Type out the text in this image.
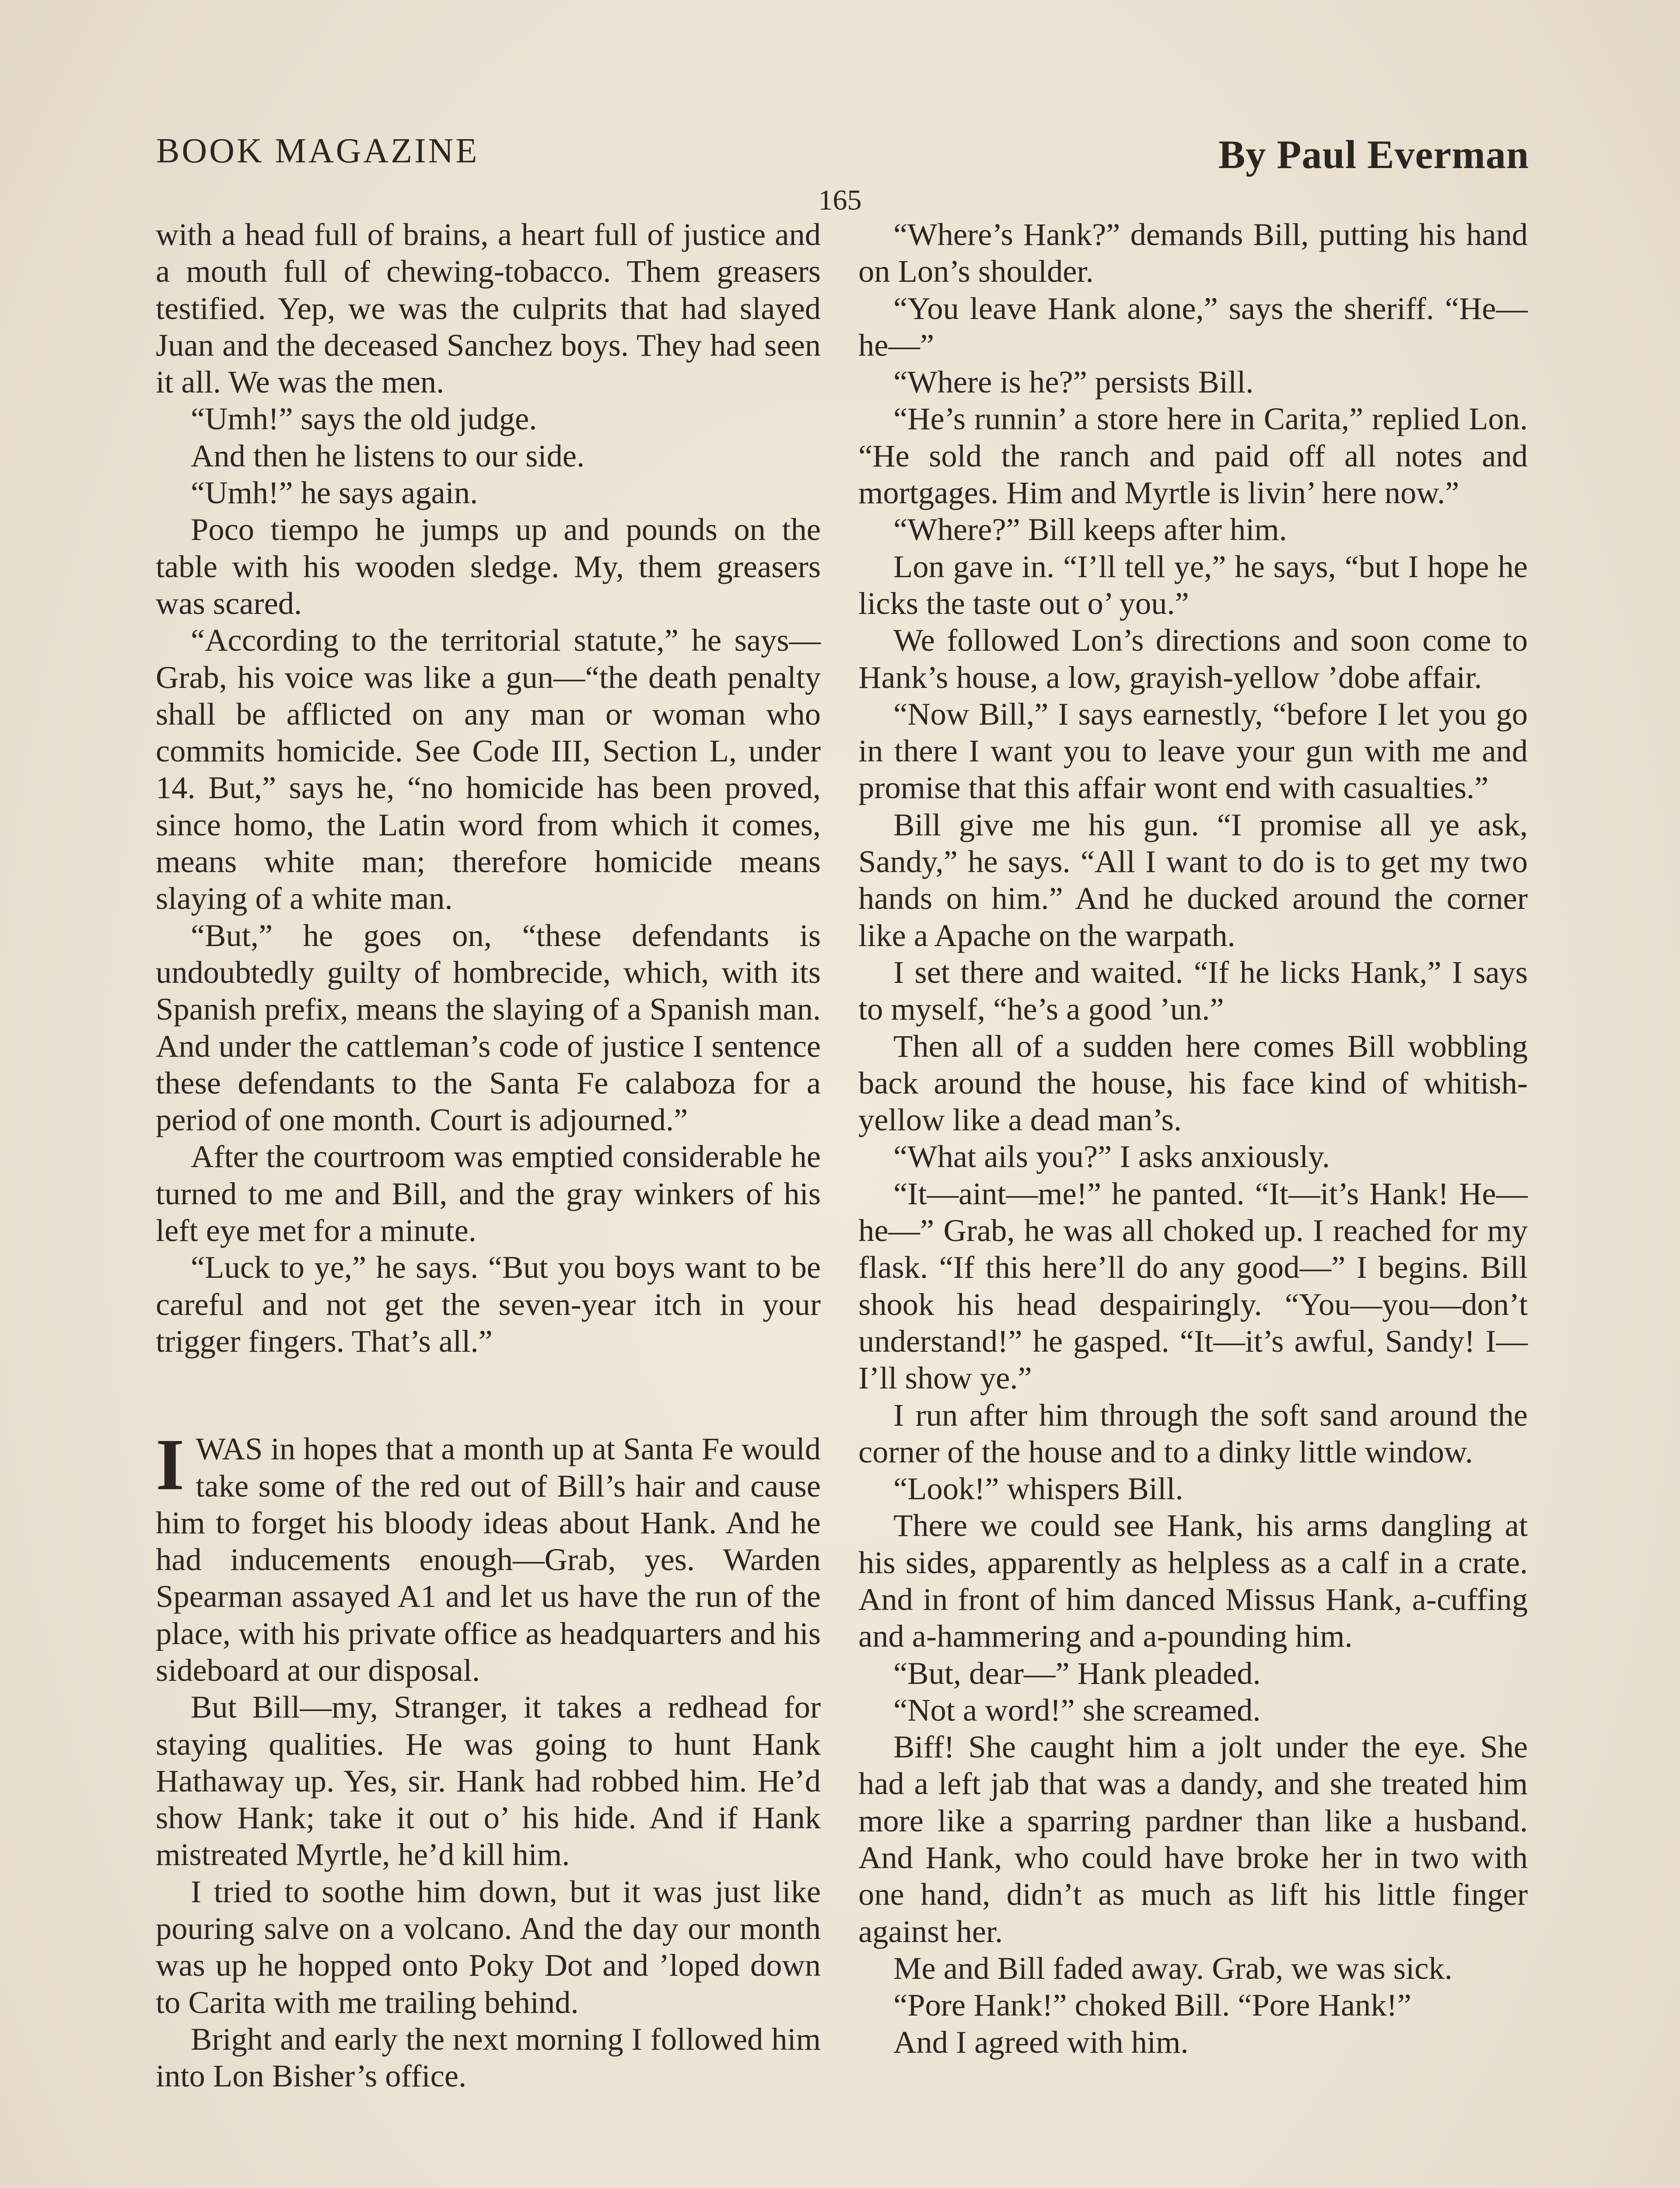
BOOK MAGAZINE	By Paul Everman
165

with a head full of brains, a heart full of justice and a mouth full of chewing-tobacco. Them greasers testified. Yep, we was the culprits that had slayed Juan and the deceased Sanchez boys. They had seen it all. We was the men.

“Umh!” says the old judge.

And then he listens to our side.

“Umh!” he says again.

Poco tiempo he jumps up and pounds on the table with his wooden sledge. My, them greasers was scared.

“According to the territorial statute,” he says—Grab, his voice was like a gun—“the death penalty shall be afflicted on any man or woman who commits homicide. See Code III, Section L, under 14. But,” says he, “no homicide has been proved, since homo, the Latin word from which it comes, means white man; therefore homicide means slaying of a white man.

“But,” he goes on, “these defendants is undoubtedly guilty of hombrecide, which, with its Spanish prefix, means the slaying of a Spanish man. And under the cattleman’s code of justice I sentence these defendants to the Santa Fe calaboza for a period of one month. Court is adjourned.”

After the courtroom was emptied considerable he turned to me and Bill, and the gray winkers of his left eye met for a minute.

“Luck to ye,” he says. “But you boys want to be careful and not get the seven-year itch in your trigger fingers. That’s all.”

IWAS in hopes that a month up at Santa Fe would take some of the red out of Bill’s hair and cause him to forget his bloody ideas about Hank. And he had inducements enough—Grab, yes. Warden Spearman assayed A1 and let us have the run of the place, with his private office as headquarters and his sideboard at our disposal.

But Bill—my, Stranger, it takes a redhead for staying qualities. He was going to hunt Hank Hathaway up. Yes, sir. Hank had robbed him. He’d show Hank; take it out o’ his hide. And if Hank mistreated Myrtle, he’d kill him.

I tried to soothe him down, but it was just like pouring salve on a volcano. And the day our month was up he hopped onto Poky Dot and ’loped down to Carita with me trailing behind.

Bright and early the next morning I followed him into Lon Bisher’s office.

“Where’s Hank?” demands Bill, putting his hand on Lon’s shoulder.

“You leave Hank alone,” says the sheriff. “He—he—”

“Where is he?” persists Bill.

“He’s runnin’ a store here in Carita,” replied Lon. “He sold the ranch and paid off all notes and mortgages. Him and Myrtle is livin’ here now.”

“Where?” Bill keeps after him.

Lon gave in. “I’ll tell ye,” he says, “but I hope he licks the taste out o’ you.”

We followed Lon’s directions and soon come to Hank’s house, a low, grayish-yellow ’dobe affair.

“Now Bill,” I says earnestly, “before I let you go in there I want you to leave your gun with me and promise that this affair wont end with casualties.”

Bill give me his gun. “I promise all ye ask, Sandy,” he says. “All I want to do is to get my two hands on him.” And he ducked around the corner like a Apache on the warpath.

I set there and waited. “If he licks Hank,” I says to myself, “he’s a good ’un.”

Then all of a sudden here comes Bill wobbling back around the house, his face kind of whitish-yellow like a dead man’s.

“What ails you?” I asks anxiously.

“It—aint—me!” he panted. “It—it’s Hank! He—he—” Grab, he was all choked up. I reached for my flask. “If this here’ll do any good—” I begins. Bill shook his head despairingly. “You—you—don’t understand!” he gasped. “It—it’s awful, Sandy! I—I’ll show ye.”

I run after him through the soft sand around the corner of the house and to a dinky little window.

“Look!” whispers Bill.

There we could see Hank, his arms dangling at his sides, apparently as helpless as a calf in a crate. And in front of him danced Missus Hank, a-cuffing and a-hammering and a-pounding him.

“But, dear—” Hank pleaded.

“Not a word!” she screamed.

Biff! She caught him a jolt under the eye. She had a left jab that was a dandy, and she treated him more like a sparring pardner than like a husband. And Hank, who could have broke her in two with one hand, didn’t as much as lift his little finger against her.

Me and Bill faded away. Grab, we was sick.

“Pore Hank!” choked Bill. “Pore Hank!”

And I agreed with him.
